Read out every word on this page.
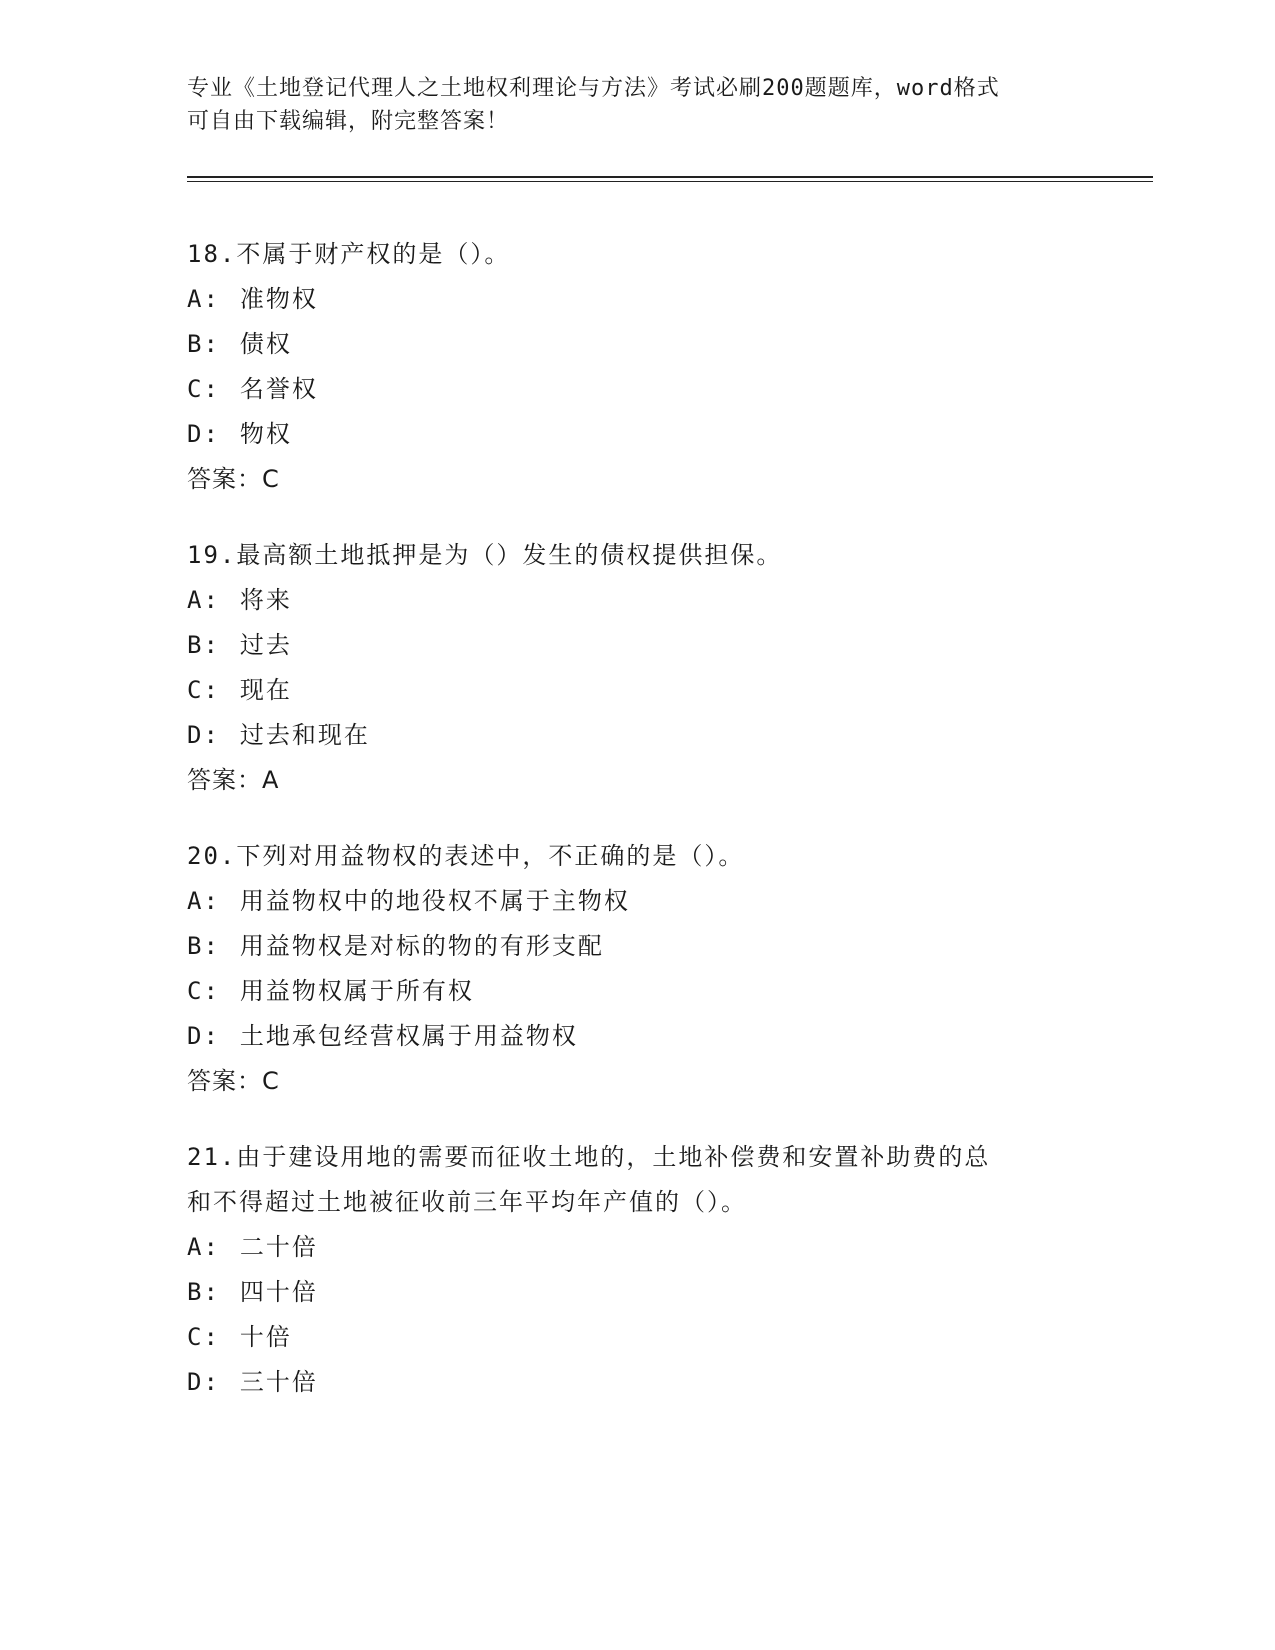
专业《土地登记代理人之土地权利理论与方法》考试必刷200题题库，word格式
可自由下载编辑，附完整答案！
18.不属于财产权的是（）。
A: 准物权
B: 债权
C: 名誉权
D: 物权
答案：C
19.最高额土地抵押是为（）发生的债权提供担保。
A: 将来
B: 过去
C: 现在
D: 过去和现在
答案：A
20.下列对用益物权的表述中，不正确的是（）。
A: 用益物权中的地役权不属于主物权
B: 用益物权是对标的物的有形支配
C: 用益物权属于所有权
D: 土地承包经营权属于用益物权
答案：C
21.由于建设用地的需要而征收土地的，土地补偿费和安置补助费的总
和不得超过土地被征收前三年平均年产值的（）。
A: 二十倍
B: 四十倍
C: 十倍
D: 三十倍
